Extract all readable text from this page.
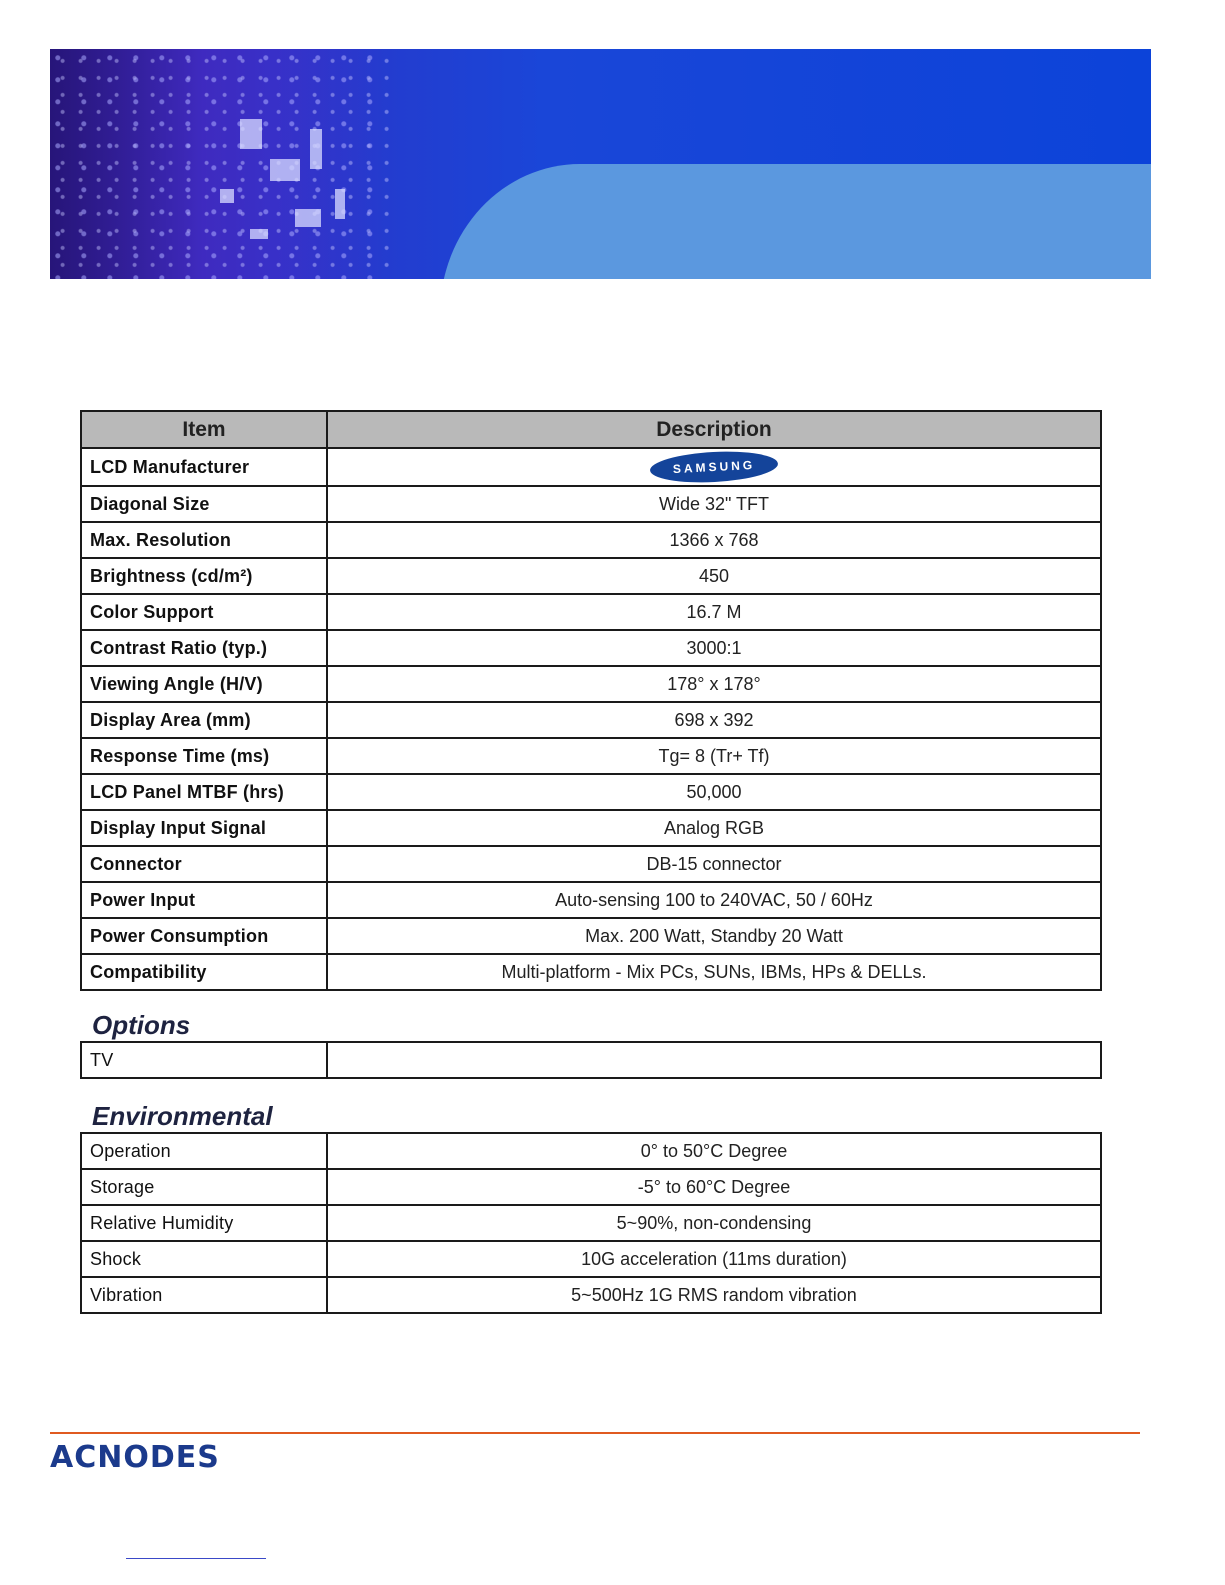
Item	Description
LCD Manufacturer	SAMSUNG
Diagonal Size	Wide 32" TFT
Max. Resolution	1366 x 768
Brightness (cd/m²)	450
Color Support	16.7 M
Contrast Ratio (typ.)	3000:1
Viewing Angle (H/V)	178° x 178°
Display Area (mm)	698 x 392
Response Time (ms)	Tg= 8 (Tr+ Tf)
LCD Panel MTBF (hrs)	50,000
Display Input Signal	Analog RGB
Connector	DB-15 connector
Power Input	Auto-sensing 100 to 240VAC, 50 / 60Hz
Power Consumption	Max. 200 Watt, Standby 20 Watt
Compatibility	Multi-platform - Mix PCs, SUNs, IBMs, HPs & DELLs.
Options
TV	
Environmental
Operation	0° to 50°C Degree
Storage	-5° to 60°C Degree
Relative Humidity	5~90%, non-condensing
Shock	10G acceleration (11ms duration)
Vibration	5~500Hz 1G RMS random vibration
ACNODES
